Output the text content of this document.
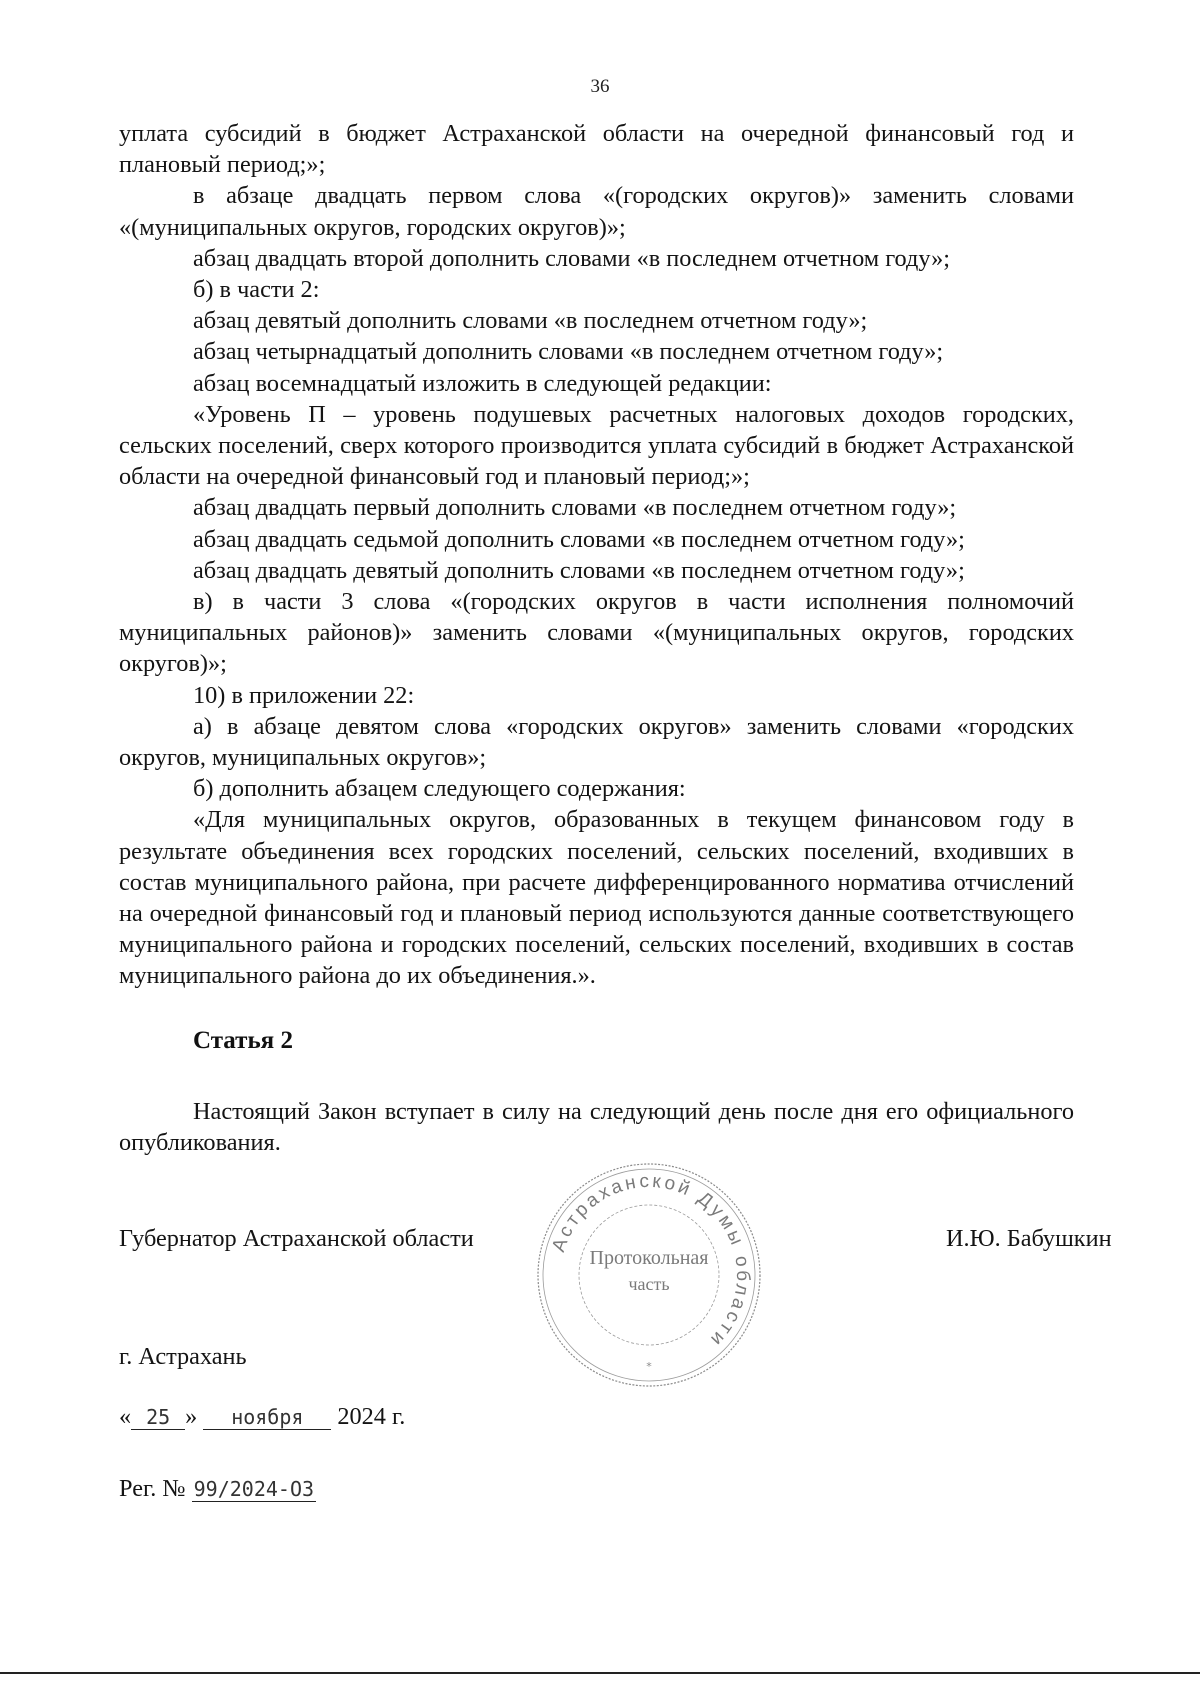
36

уплата субсидий в бюджет Астраханской области на очередной финансовый год и плановый период;»;

в абзаце двадцать первом слова «(городских округов)» заменить словами «(муниципальных округов, городских округов)»;

абзац двадцать второй дополнить словами «в последнем отчетном году»;

б) в части 2:

абзац девятый дополнить словами «в последнем отчетном году»;

абзац четырнадцатый дополнить словами «в последнем отчетном году»;

абзац восемнадцатый изложить в следующей редакции:

«Уровень П – уровень подушевых расчетных налоговых доходов городских, сельских поселений, сверх которого производится уплата субсидий в бюджет Астраханской области на очередной финансовый год и плановый период;»;

абзац двадцать первый дополнить словами «в последнем отчетном году»;

абзац двадцать седьмой дополнить словами «в последнем отчетном году»;

абзац двадцать девятый дополнить словами «в последнем отчетном году»;

в) в части 3 слова «(городских округов в части исполнения полномочий муниципальных районов)» заменить словами «(муниципальных округов, городских округов)»;

10) в приложении 22:

а) в абзаце девятом слова «городских округов» заменить словами «городских округов, муниципальных округов»;

б) дополнить абзацем следующего содержания:

«Для муниципальных округов, образованных в текущем финансовом году в результате объединения всех городских поселений, сельских поселений, входивших в состав муниципального района, при расчете дифференцированного норматива отчислений на очередной финансовый год и плановый период используются данные соответствующего муниципального района и городских поселений, сельских поселений, входивших в состав муниципального района до их объединения.».

Статья 2
Настоящий Закон вступает в силу на следующий день после дня его официального опубликования.
Губернатор Астраханской области	Астраханской Думы области
Протокольная
часть
*
И.Ю. Бабушкин
г. Астрахань
« 25 » ноября 2024 г.
Рег. № 99/2024-ОЗ
